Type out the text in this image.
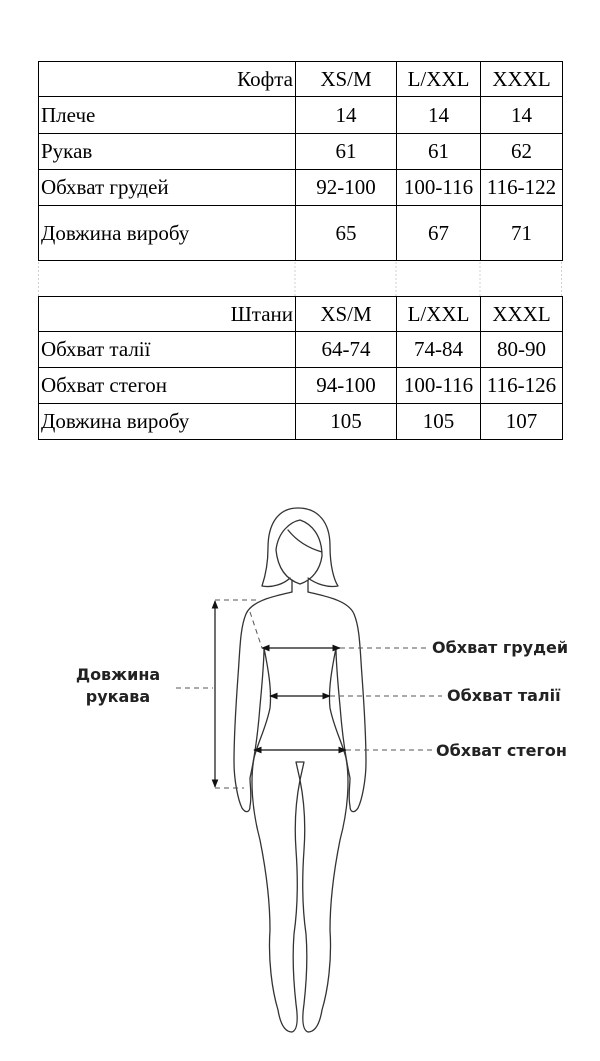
Кофта	XS/M	L/XXL	XXXL
Плече	14	14	14
Рукав	61	61	62
Обхват грудей	92-100	100-116	116-122
Довжина виробу	65	67	71
Штани	XS/M	L/XXL	XXXL
Обхват талії	64-74	74-84	80-90
Обхват стегон	94-100	100-116	116-126
Довжина виробу	105	105	107
Обхват грудей
Обхват талії
Обхват стегон
Довжина рукава
